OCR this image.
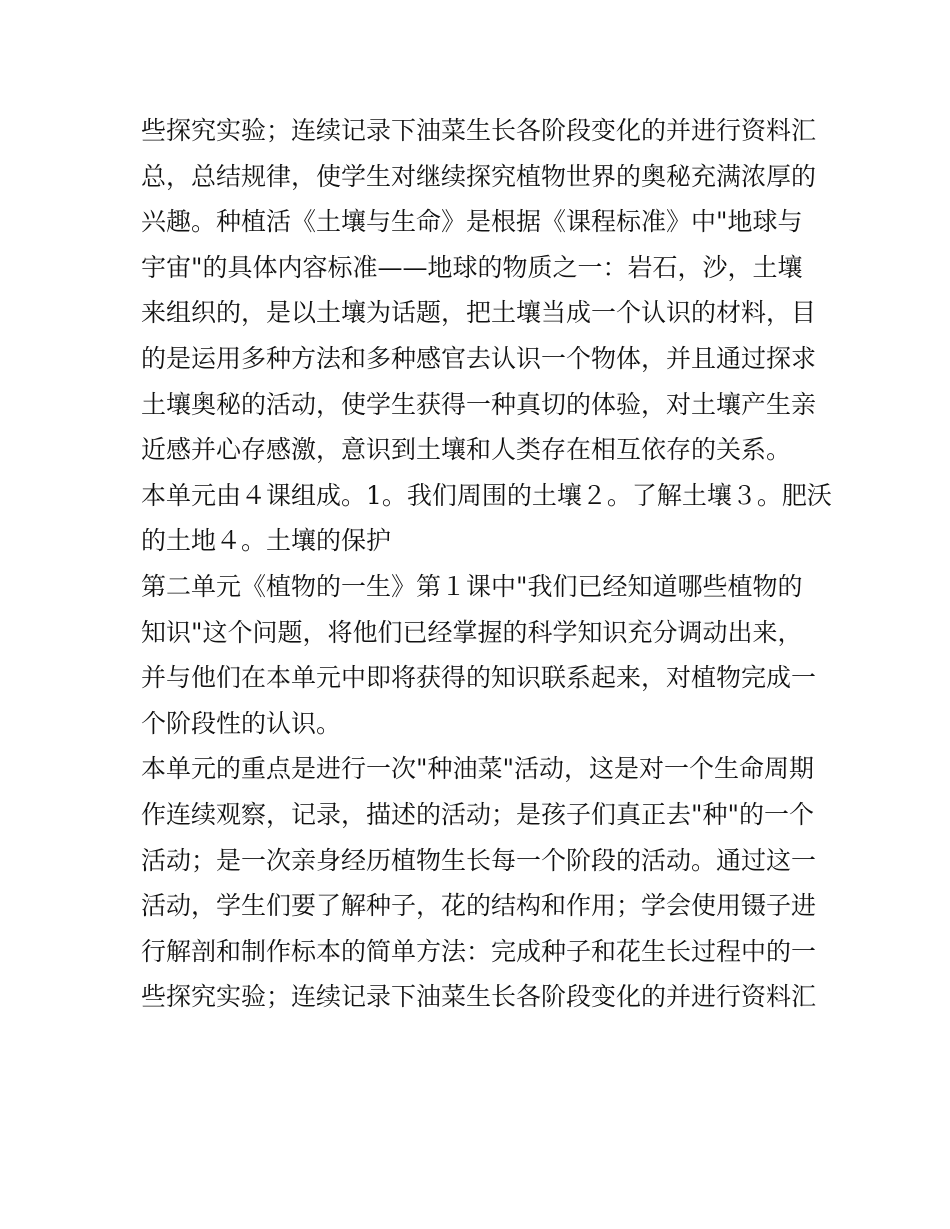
些探究实验；连续记录下油菜生长各阶段变化的并进行资料汇
总，总结规律，使学生对继续探究植物世界的奥秘充满浓厚的
兴趣。种植活《土壤与生命》是根据《课程标准》中"地球与
宇宙"的具体内容标准——地球的物质之一：岩石，沙，土壤
来组织的，是以土壤为话题，把土壤当成一个认识的材料，目
的是运用多种方法和多种感官去认识一个物体，并且通过探求
土壤奥秘的活动，使学生获得一种真切的体验，对土壤产生亲
近感并心存感激，意识到土壤和人类存在相互依存的关系。

本单元由４课组成。1。我们周围的土壤２。了解土壤３。肥沃
的土地４。土壤的保护

第二单元《植物的一生》第１课中"我们已经知道哪些植物的
知识"这个问题，将他们已经掌握的科学知识充分调动出来，
并与他们在本单元中即将获得的知识联系起来，对植物完成一
个阶段性的认识。

本单元的重点是进行一次"种油菜"活动，这是对一个生命周期
作连续观察，记录，描述的活动；是孩子们真正去"种"的一个
活动；是一次亲身经历植物生长每一个阶段的活动。通过这一
活动，学生们要了解种子，花的结构和作用；学会使用镊子进
行解剖和制作标本的简单方法：完成种子和花生长过程中的一
些探究实验；连续记录下油菜生长各阶段变化的并进行资料汇
